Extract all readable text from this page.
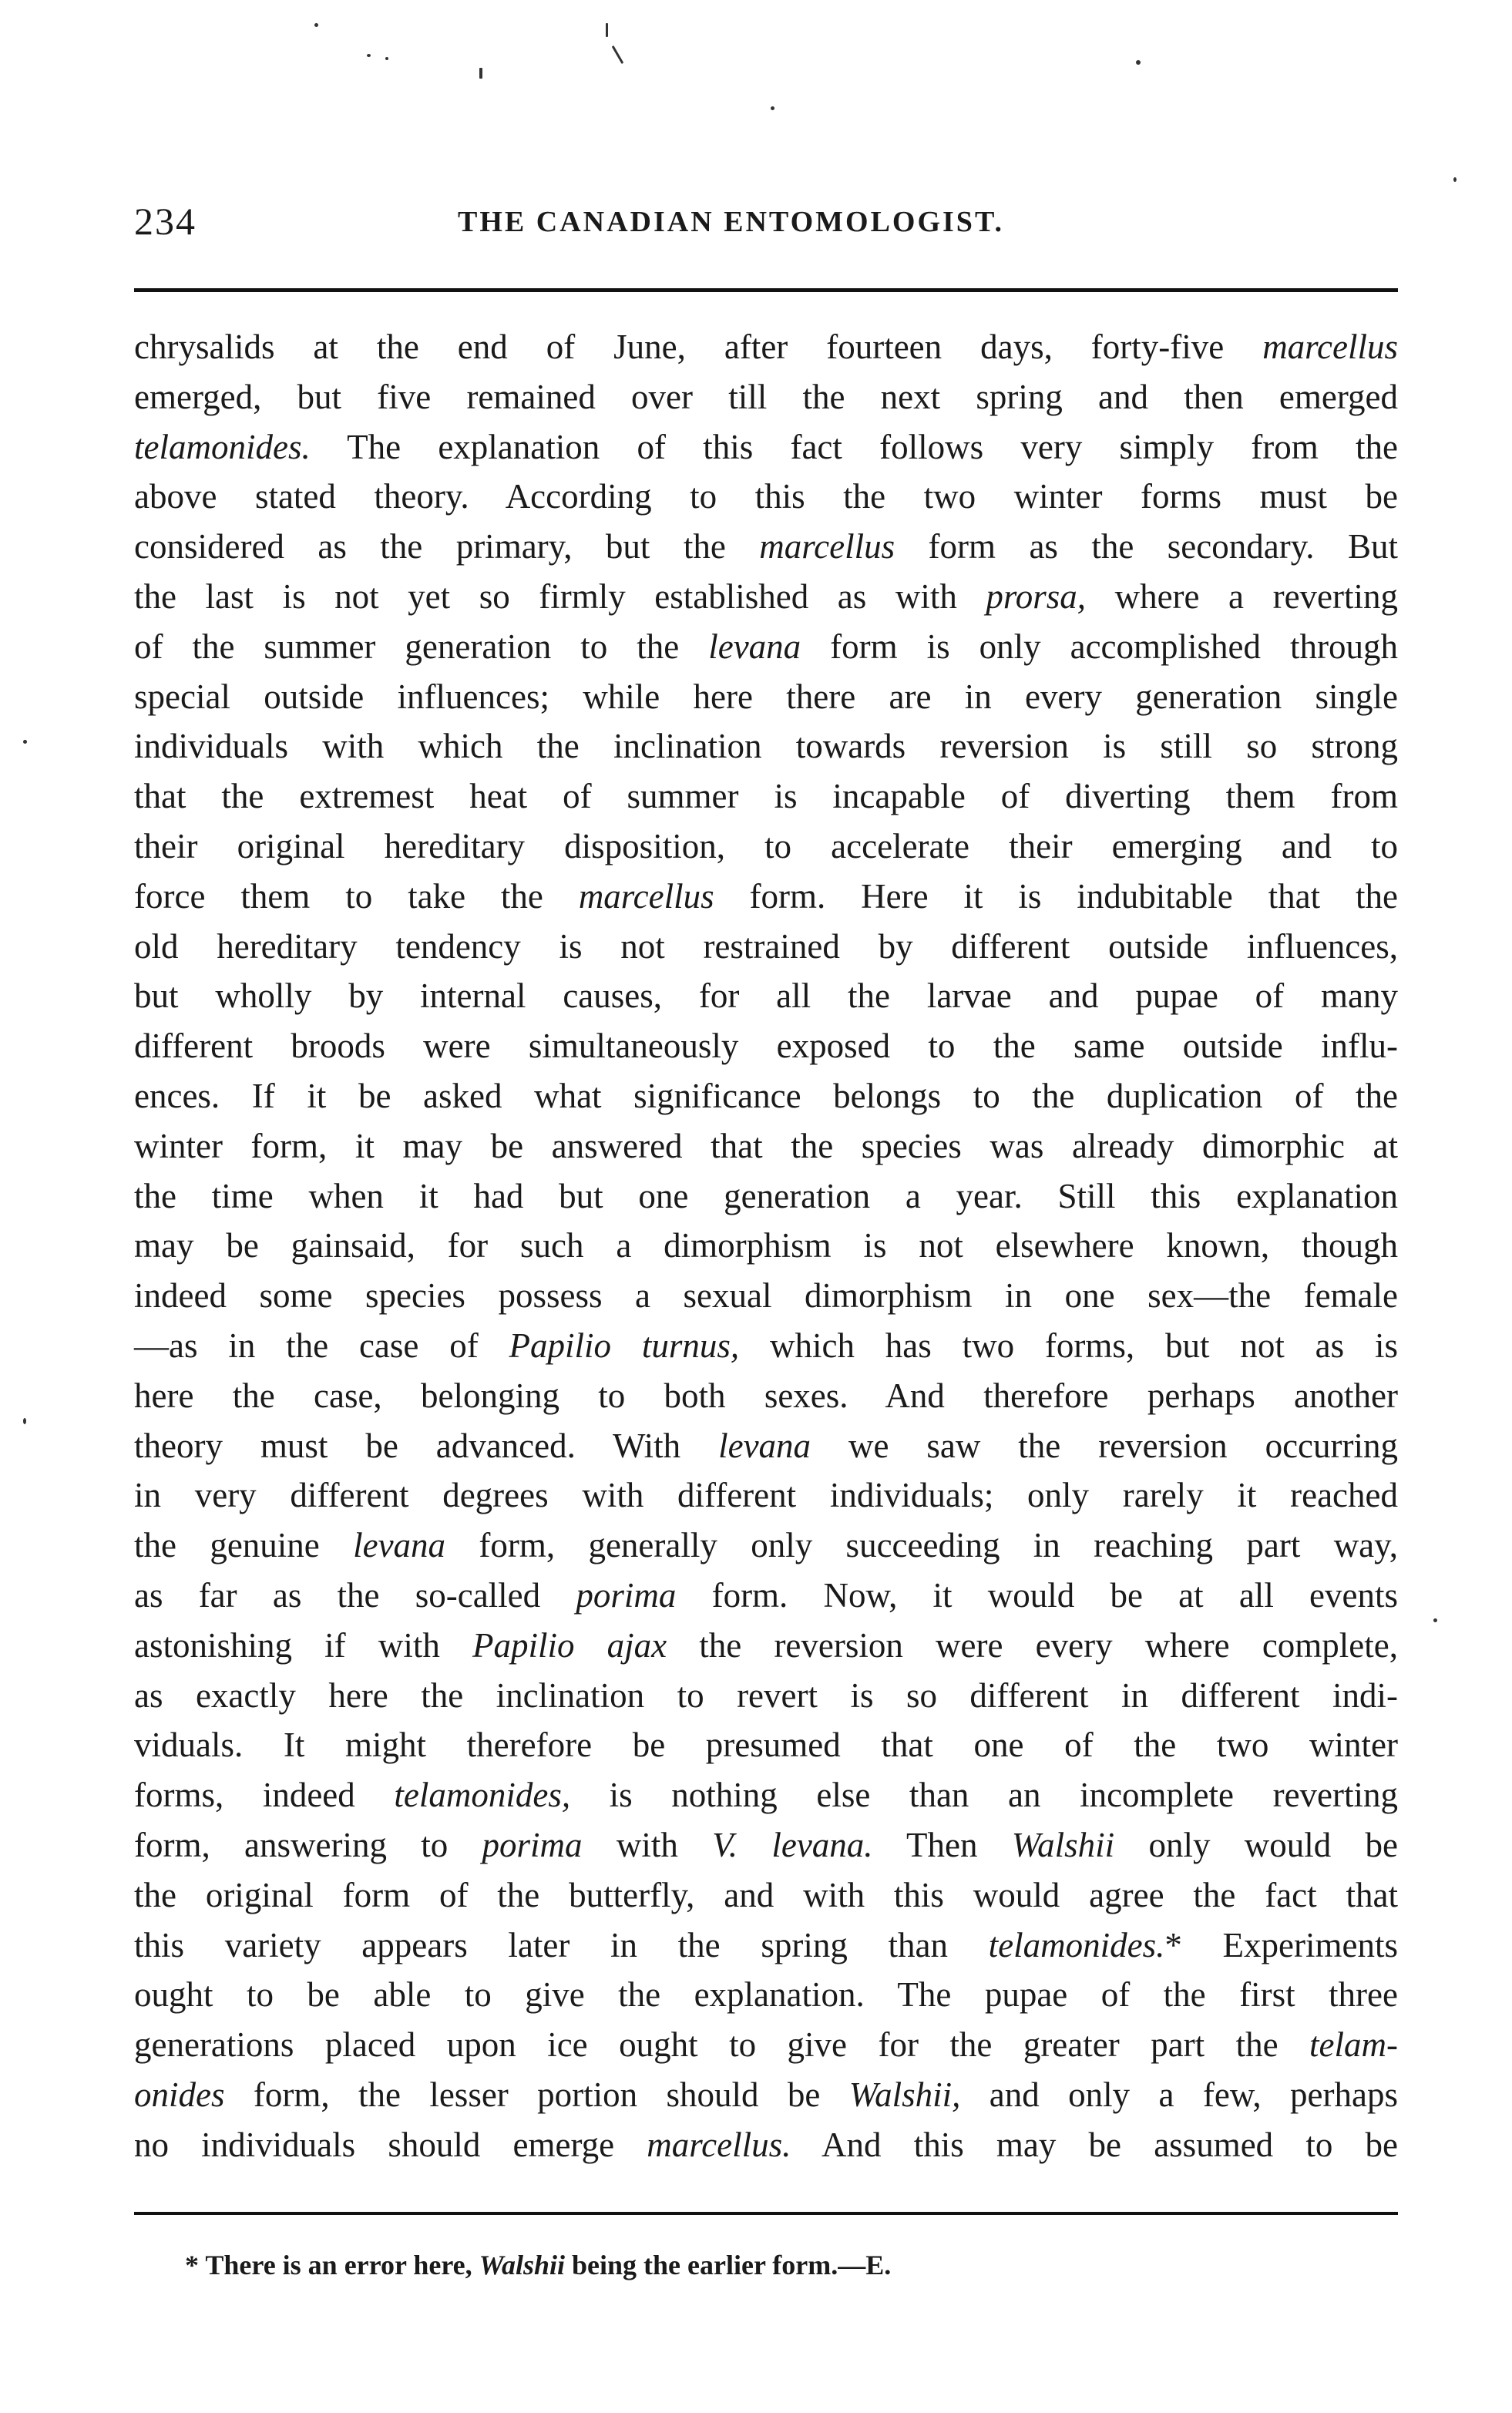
234	THE CANADIAN ENTOMOLOGIST.
chrysalids at the end of June, after fourteen days, forty-five marcellus
emerged, but five remained over till the next spring and then emerged
telamonides. The explanation of this fact follows very simply from the
above stated theory. According to this the two winter forms must be
considered as the primary, but the marcellus form as the secondary. But
the last is not yet so firmly established as with prorsa, where a reverting
of the summer generation to the levana form is only accomplished through
special outside influences; while here there are in every generation single
individuals with which the inclination towards reversion is still so strong
that the extremest heat of summer is incapable of diverting them from
their original hereditary disposition, to accelerate their emerging and to
force them to take the marcellus form. Here it is indubitable that the
old hereditary tendency is not restrained by different outside influences,
but wholly by internal causes, for all the larvae and pupae of many
different broods were simultaneously exposed to the same outside influ-
ences. If it be asked what significance belongs to the duplication of the
winter form, it may be answered that the species was already dimorphic at
the time when it had but one generation a year. Still this explanation
may be gainsaid, for such a dimorphism is not elsewhere known, though
indeed some species possess a sexual dimorphism in one sex—the female
—as in the case of Papilio turnus, which has two forms, but not as is
here the case, belonging to both sexes. And therefore perhaps another
theory must be advanced. With levana we saw the reversion occurring
in very different degrees with different individuals; only rarely it reached
the genuine levana form, generally only succeeding in reaching part way,
as far as the so-called porima form. Now, it would be at all events
astonishing if with Papilio ajax the reversion were every where complete,
as exactly here the inclination to revert is so different in different indi-
viduals. It might therefore be presumed that one of the two winter
forms, indeed telamonides, is nothing else than an incomplete reverting
form, answering to porima with V. levana. Then Walshii only would be
the original form of the butterfly, and with this would agree the fact that
this variety appears later in the spring than telamonides.* Experiments
ought to be able to give the explanation. The pupae of the first three
generations placed upon ice ought to give for the greater part the telam-
onides form, the lesser portion should be Walshii, and only a few, perhaps
no individuals should emerge marcellus. And this may be assumed to be
* There is an error here, Walshii being the earlier form.—E.
